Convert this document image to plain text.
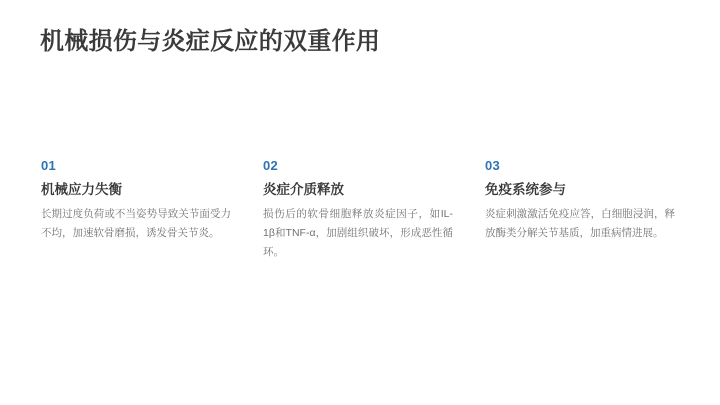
机械损伤与炎症反应的双重作用
01
机械应力失衡
长期过度负荷或不当姿势导致关节面受力不均，加速软骨磨损，诱发骨关节炎。
02
炎症介质释放
损伤后的软骨细胞释放炎症因子，如IL-1β和TNF-α，加剧组织破坏，形成恶性循环。
03
免疫系统参与
炎症刺激激活免疫应答，白细胞浸润，释放酶类分解关节基质，加重病情进展。
